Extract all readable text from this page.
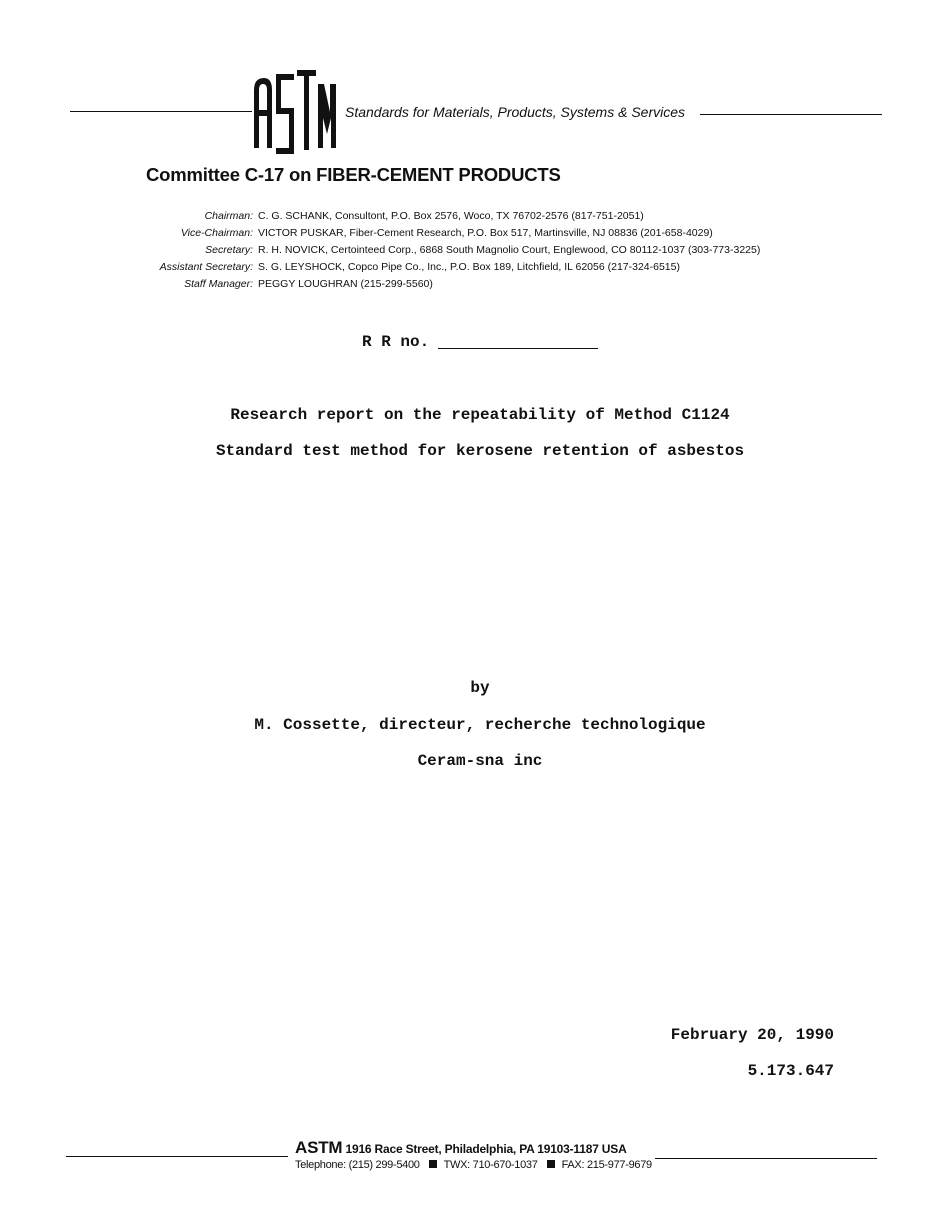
Standards for Materials, Products, Systems & Services
Committee C-17 on FIBER-CEMENT PRODUCTS
Chairman:	C. G. SCHANK, Consultont, P.O. Box 2576, Woco, TX 76702-2576 (817-751-2051)
Vice-Chairman:	VICTOR PUSKAR, Fiber-Cement Research, P.O. Box 517, Martinsville, NJ 08836 (201-658-4029)
Secretary:	R. H. NOVICK, Certointeed Corp., 6868 South Magnolio Court, Englewood, CO 80112-1037 (303-773-3225)
Assistant Secretary:	S. G. LEYSHOCK, Copco Pipe Co., Inc., P.O. Box 189, Litchfield, IL 62056 (217-324-6515)
Staff Manager:	PEGGY LOUGHRAN (215-299-5560)
R R no.
Research report on the repeatability of Method C1124
Standard test method for kerosene retention of asbestos
by
M. Cossette, directeur, recherche technologique
Ceram-sna inc
February 20, 1990
5.173.647
ASTM 1916 Race Street, Philadelphia, PA 19103-1187 USA
Telephone: (215) 299-5400 TWX: 710-670-1037 FAX: 215-977-9679
